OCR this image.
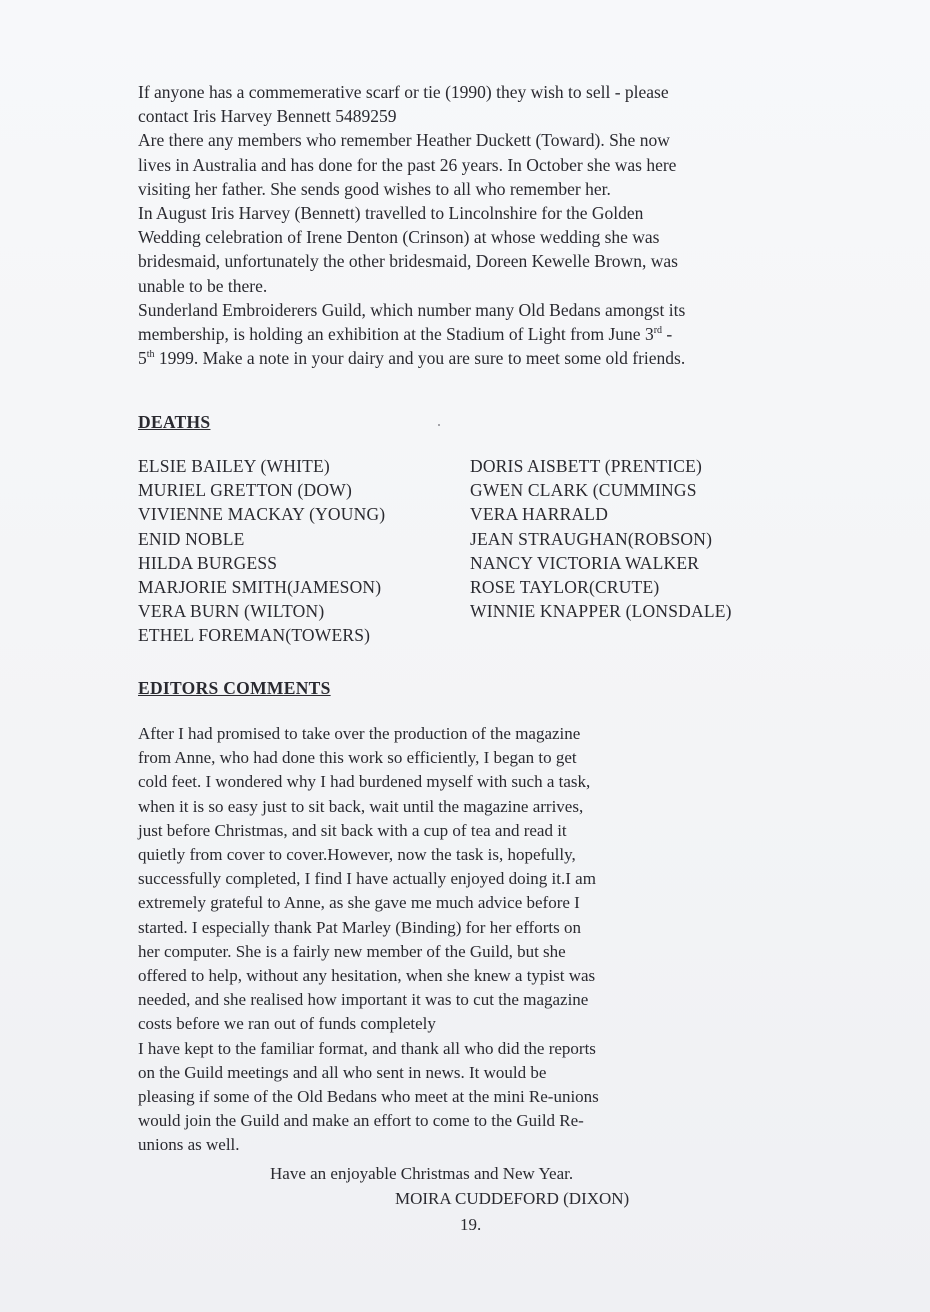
If anyone has a commemerative scarf or tie (1990) they wish to sell - please
contact Iris Harvey Bennett 5489259
Are there any members who remember Heather Duckett (Toward). She now
lives in Australia and has done for the past 26 years. In October she was here
visiting her father. She sends good wishes to all who remember her.
In August Iris Harvey (Bennett) travelled to Lincolnshire for the Golden
Wedding celebration of Irene Denton (Crinson) at whose wedding she was
bridesmaid, unfortunately the other bridesmaid, Doreen Kewelle Brown, was
unable to be there.
Sunderland Embroiderers Guild, which number many Old Bedans amongst its
membership, is holding an exhibition at the Stadium of Light from June 3rd -
5th 1999. Make a note in your dairy and you are sure to meet some old friends.
DEATHS
ELSIE BAILEY (WHITE)
MURIEL GRETTON (DOW)
VIVIENNE MACKAY (YOUNG)
ENID NOBLE
HILDA BURGESS
MARJORIE SMITH(JAMESON)
VERA BURN (WILTON)
ETHEL FOREMAN(TOWERS)
DORIS AISBETT (PRENTICE)
GWEN CLARK (CUMMINGS
VERA HARRALD
JEAN STRAUGHAN(ROBSON)
NANCY VICTORIA WALKER
ROSE TAYLOR(CRUTE)
WINNIE KNAPPER (LONSDALE)
EDITORS COMMENTS
After I had promised to take over the production of the magazine
from Anne, who had done this work so efficiently, I began to get
cold feet. I wondered why I had burdened myself with such a task,
when it is so easy just to sit back, wait until the magazine arrives,
just before Christmas, and sit back with a cup of tea and read it
quietly from cover to cover.However, now the task is, hopefully,
successfully completed, I find I have actually enjoyed doing it.I am
extremely grateful to Anne, as she gave me much advice before I
started. I especially thank Pat Marley (Binding) for her efforts on
her computer. She is a fairly new member of the Guild, but she
offered to help, without any hesitation, when she knew a typist was
needed, and she realised how important it was to cut the magazine
costs before we ran out of funds completely
I have kept to the familiar format, and thank all who did the reports
on the Guild meetings and all who sent in news. It would be
pleasing if some of the Old Bedans who meet at the mini Re-unions
would join the Guild and make an effort to come to the Guild Re-
unions as well.
Have an enjoyable Christmas and New Year.
MOIRA CUDDEFORD (DIXON)
19.
